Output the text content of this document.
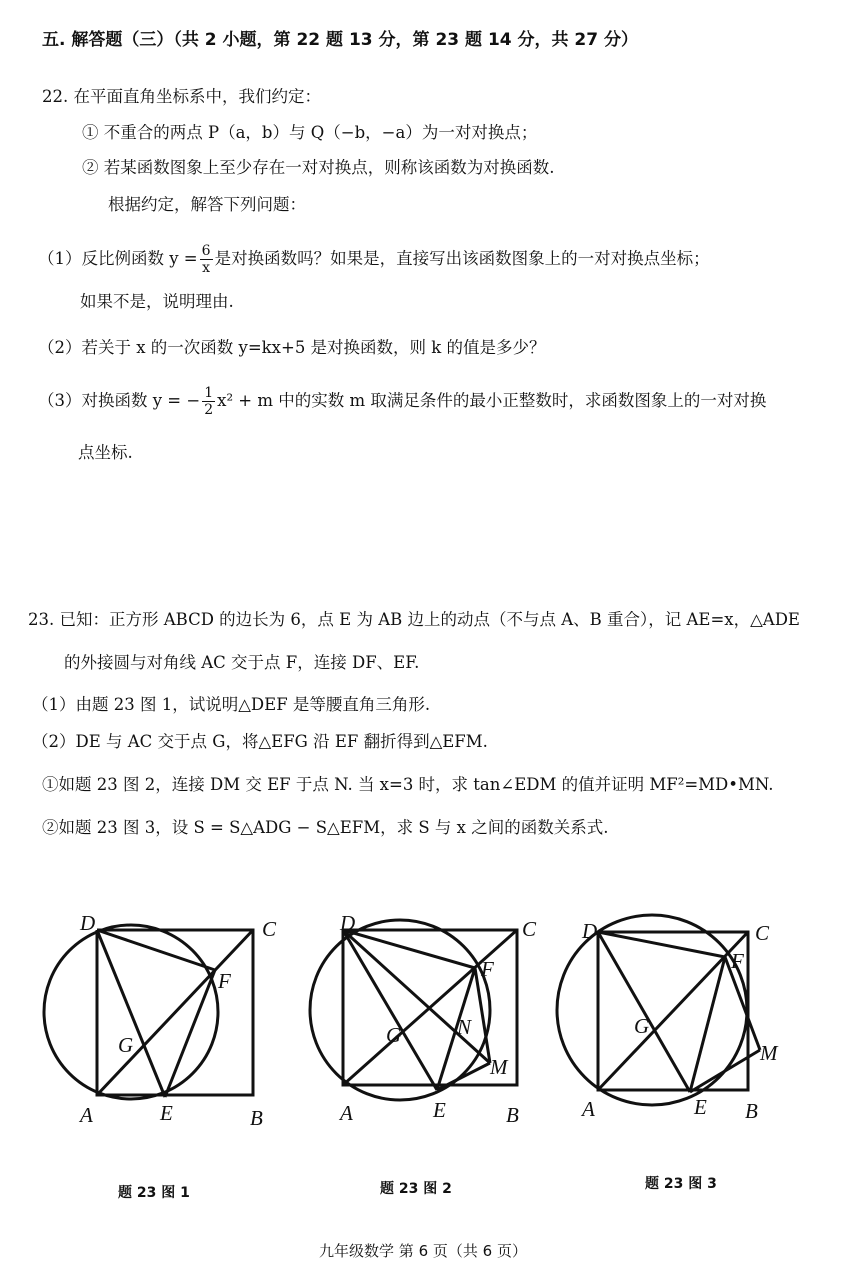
五. 解答题（三）（共 2 小题，第 22 题 13 分，第 23 题 14 分，共 27 分）
22. 在平面直角坐标系中，我们约定：
① 不重合的两点 P（a，b）与 Q（−b，−a）为一对对换点；
② 若某函数图象上至少存在一对对换点，则称该函数为对换函数.
根据约定，解答下列问题：
（1）反比例函数 $y = \frac{6}{x}$ 是对换函数吗？如果是，直接写出该函数图象上的一对对换点坐标；
如果不是，说明理由.
（2）若关于 x 的一次函数 y=kx+5 是对换函数，则 k 的值是多少？
（3）对换函数 y = − $\frac{1}{2} x^2 + m$ 中的实数 m 取满足条件的最小正整数时，求函数图象上的一对对换
点坐标.
23. 已知：正方形 ABCD 的边长为 6，点 E 为 AB 边上的动点（不与点 A、B 重合），记 AE=x，△ADE
的外接圆与对角线 AC 交于点 F，连接 DF、EF.
（1）由题 23 图 1，试说明△DEF 是等腰直角三角形.
（2）DE 与 AC 交于点 G，将△EFG 沿 EF 翻折得到△EFM.
①如题 23 图 2，连接 DM 交 EF 于点 N. 当 x=3 时，求 tan∠EDM 的值并证明 MF²=MD•MN.
②如题 23 图 3，设 S = S△ADG − S△EFM，求 S 与 x 之间的函数关系式.
D	C
F
G
A	E	B
D	C
F
G	N
M
A	E	B
D	C
F
G
M
A	E B
题 23 图 1	题 23 图 2	题 23 图 3
九年级数学 第 6 页（共 6 页）
